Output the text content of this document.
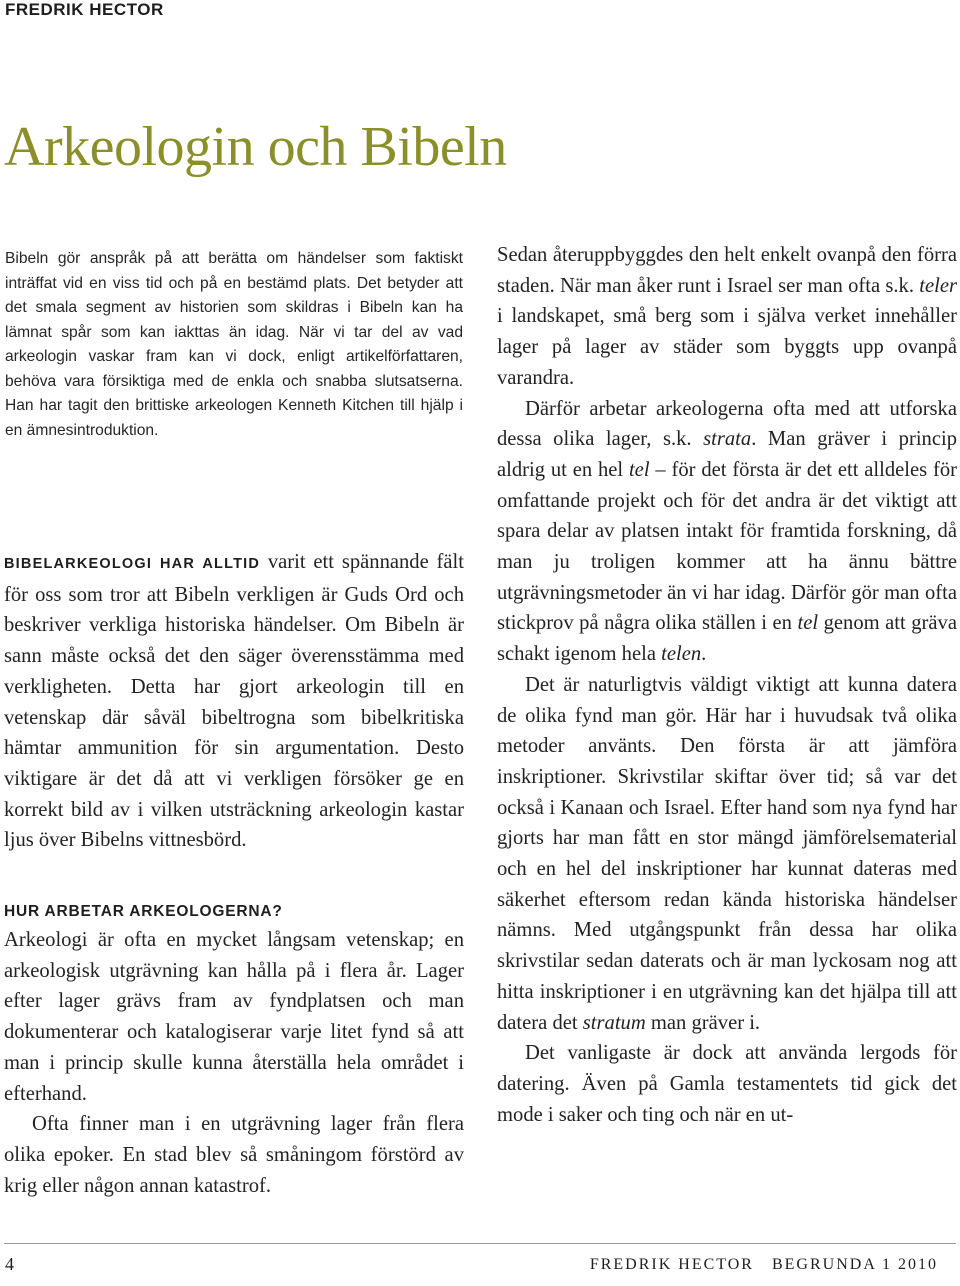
FREDRIK HECTOR

Arkeologin och Bibeln

Bibeln gör anspråk på att berätta om händelser som faktiskt inträffat vid en viss tid och på en bestämd plats. Det betyder att det smala segment av historien som skildras i Bibeln kan ha lämnat spår som kan iakttas än idag. När vi tar del av vad arkeologin vaskar fram kan vi dock, enligt artikelförfattaren, behöva vara försiktiga med de enkla och snabba slutsatserna. Han har tagit den brittiske arkeologen Kenneth Kitchen till hjälp i en ämnesintroduktion.

BIBELARKEOLOGI HAR ALLTID varit ett spännande fält för oss som tror att Bibeln verkligen är Guds Ord och beskriver verkliga historiska händelser. Om Bibeln är sann måste också det den säger överensstämma med verkligheten. Detta har gjort arkeologin till en vetenskap där såväl bibeltrogna som bibelkritiska hämtar ammunition för sin argumentation. Desto viktigare är det då att vi verkligen försöker ge en korrekt bild av i vilken utsträckning arkeologin kastar ljus över Bibelns vittnesbörd.

HUR ARBETAR ARKEOLOGERNA?

Arkeologi är ofta en mycket långsam vetenskap; en arkeologisk utgrävning kan hålla på i flera år. Lager efter lager grävs fram av fyndplatsen och man dokumenterar och katalogiserar varje litet fynd så att man i princip skulle kunna återställa hela området i efterhand.

Ofta finner man i en utgrävning lager från flera olika epoker. En stad blev så småningom förstörd av krig eller någon annan katastrof.

Sedan återuppbyggdes den helt enkelt ovanpå den förra staden. När man åker runt i Israel ser man ofta s.k. teler i landskapet, små berg som i själva verket innehåller lager på lager av städer som byggts upp ovanpå varandra.

Därför arbetar arkeologerna ofta med att utforska dessa olika lager, s.k. strata. Man gräver i princip aldrig ut en hel tel – för det första är det ett alldeles för omfattande projekt och för det andra är det viktigt att spara delar av platsen intakt för framtida forskning, då man ju troligen kommer att ha ännu bättre utgrävningsmetoder än vi har idag. Därför gör man ofta stickprov på några olika ställen i en tel genom att gräva schakt igenom hela telen.

Det är naturligtvis väldigt viktigt att kunna datera de olika fynd man gör. Här har i huvudsak två olika metoder använts. Den första är att jämföra inskriptioner. Skrivstilar skiftar över tid; så var det också i Kanaan och Israel. Efter hand som nya fynd har gjorts har man fått en stor mängd jämförelsematerial och en hel del inskriptioner har kunnat dateras med säkerhet eftersom redan kända historiska händelser nämns. Med utgångspunkt från dessa har olika skrivstilar sedan daterats och är man lyckosam nog att hitta inskriptioner i en utgrävning kan det hjälpa till att datera det stratum man gräver i.

Det vanligaste är dock att använda lergods för datering. Även på Gamla testamentets tid gick det mode i saker och ting och när en ut-

4	FREDRIK HECTOR BEGRUNDA 1 2010
